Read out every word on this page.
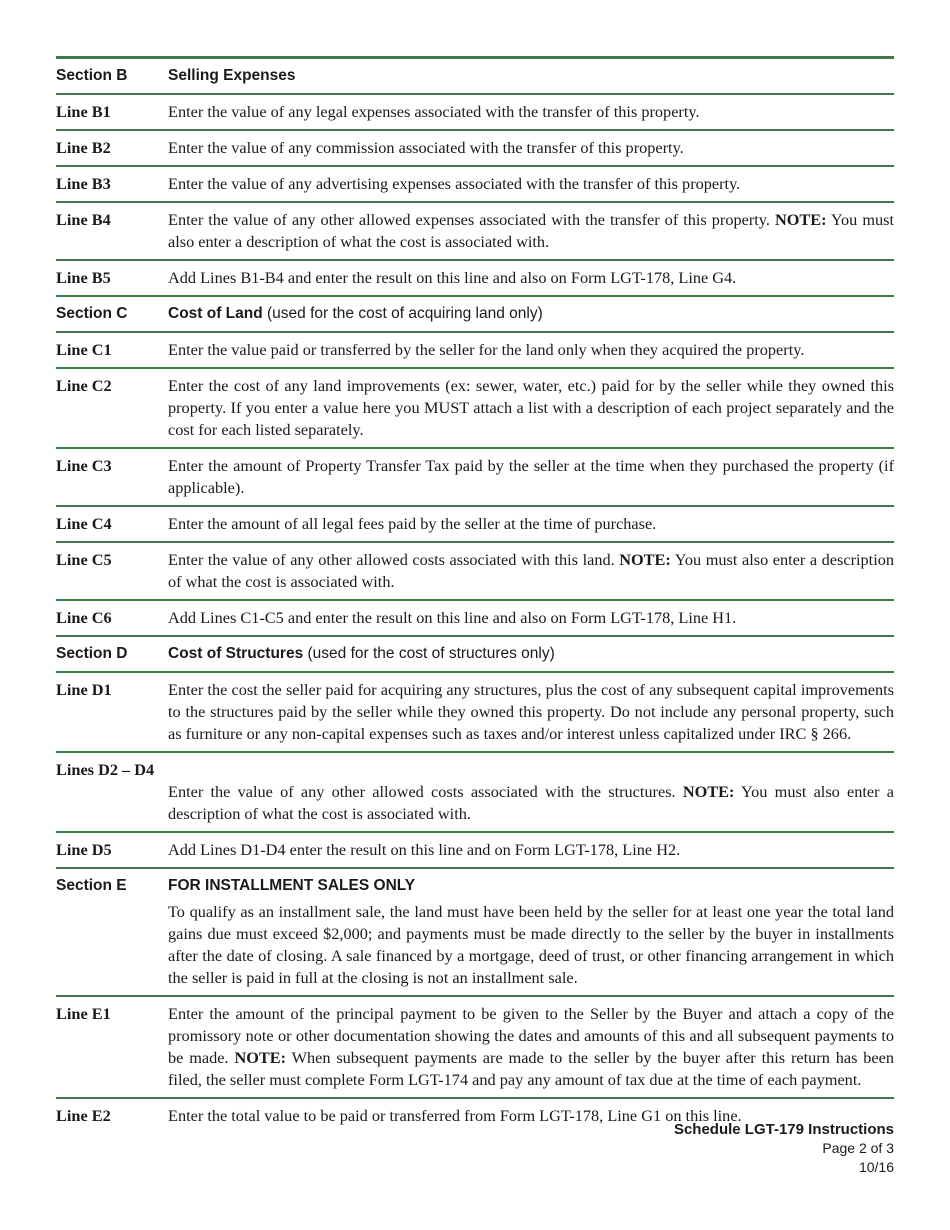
Section B	Selling Expenses
Line B1	Enter the value of any legal expenses associated with the transfer of this property.
Line B2	Enter the value of any commission associated with the transfer of this property.
Line B3	Enter the value of any advertising expenses associated with the transfer of this property.
Line B4	Enter the value of any other allowed expenses associated with the transfer of this property. NOTE: You must also enter a description of what the cost is associated with.
Line B5	Add Lines B1-B4 and enter the result on this line and also on Form LGT-178, Line G4.
Section C	Cost of Land (used for the cost of acquiring land only)
Line C1	Enter the value paid or transferred by the seller for the land only when they acquired the property.
Line C2	Enter the cost of any land improvements (ex: sewer, water, etc.) paid for by the seller while they owned this property. If you enter a value here you MUST attach a list with a description of each project separately and the cost for each listed separately.
Line C3	Enter the amount of Property Transfer Tax paid by the seller at the time when they purchased the property (if applicable).
Line C4	Enter the amount of all legal fees paid by the seller at the time of purchase.
Line C5	Enter the value of any other allowed costs associated with this land. NOTE: You must also enter a description of what the cost is associated with.
Line C6	Add Lines C1-C5 and enter the result on this line and also on Form LGT-178, Line H1.
Section D	Cost of Structures (used for the cost of structures only)
Line D1	Enter the cost the seller paid for acquiring any structures, plus the cost of any subsequent capital improvements to the structures paid by the seller while they owned this property. Do not include any personal property, such as furniture or any non-capital expenses such as taxes and/or interest unless capitalized under IRC § 266.
Lines D2 – D4
Enter the value of any other allowed costs associated with the structures. NOTE: You must also enter a description of what the cost is associated with.
Line D5	Add Lines D1-D4 enter the result on this line and on Form LGT-178, Line H2.
Section E	FOR INSTALLMENT SALES ONLY
To qualify as an installment sale, the land must have been held by the seller for at least one year the total land gains due must exceed $2,000; and payments must be made directly to the seller by the buyer in installments after the date of closing. A sale financed by a mortgage, deed of trust, or other financing arrangement in which the seller is paid in full at the closing is not an installment sale.
Line E1	Enter the amount of the principal payment to be given to the Seller by the Buyer and attach a copy of the promissory note or other documentation showing the dates and amounts of this and all subsequent payments to be made. NOTE: When subsequent payments are made to the seller by the buyer after this return has been filed, the seller must complete Form LGT-174 and pay any amount of tax due at the time of each payment.
Line E2	Enter the total value to be paid or transferred from Form LGT-178, Line G1 on this line.
Schedule LGT-179 Instructions
Page 2 of 3
10/16
